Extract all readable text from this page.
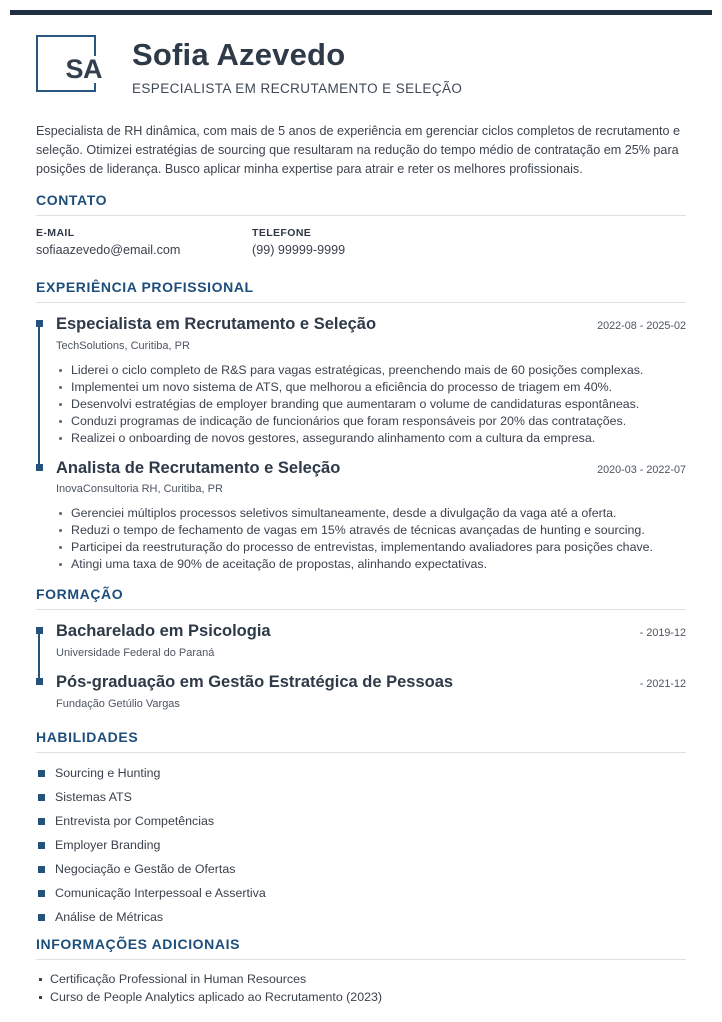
SA Sofia Azevedo
ESPECIALISTA EM RECRUTAMENTO E SELEÇÃO

Especialista de RH dinâmica, com mais de 5 anos de experiência em gerenciar ciclos completos de recrutamento e seleção. Otimizei estratégias de sourcing que resultaram na redução do tempo médio de contratação em 25% para posições de liderança. Busco aplicar minha expertise para atrair e reter os melhores profissionais.

CONTATO
E-MAIL
sofiaazevedo@email.com
TELEFONE
(99) 99999-9999
EXPERIÊNCIA PROFISSIONAL
Especialista em Recrutamento e Seleção	2022-08 - 2025-02
TechSolutions, Curitiba, PR
Liderei o ciclo completo de R&S para vagas estratégicas, preenchendo mais de 60 posições complexas.
Implementei um novo sistema de ATS, que melhorou a eficiência do processo de triagem em 40%.
Desenvolvi estratégias de employer branding que aumentaram o volume de candidaturas espontâneas.
Conduzi programas de indicação de funcionários que foram responsáveis por 20% das contratações.
Realizei o onboarding de novos gestores, assegurando alinhamento com a cultura da empresa.
Analista de Recrutamento e Seleção	2020-03 - 2022-07
InovaConsultoria RH, Curitiba, PR
Gerenciei múltiplos processos seletivos simultaneamente, desde a divulgação da vaga até a oferta.
Reduzi o tempo de fechamento de vagas em 15% através de técnicas avançadas de hunting e sourcing.
Participei da reestruturação do processo de entrevistas, implementando avaliadores para posições chave.
Atingi uma taxa de 90% de aceitação de propostas, alinhando expectativas.
FORMAÇÃO
Bacharelado em Psicologia	- 2019-12
Universidade Federal do Paraná
Pós-graduação em Gestão Estratégica de Pessoas	- 2021-12
Fundação Getúlio Vargas
HABILIDADES
Sourcing e Hunting
Sistemas ATS
Entrevista por Competências
Employer Branding
Negociação e Gestão de Ofertas
Comunicação Interpessoal e Assertiva
Análise de Métricas
INFORMAÇÕES ADICIONAIS
Certificação Professional in Human Resources
Curso de People Analytics aplicado ao Recrutamento (2023)
